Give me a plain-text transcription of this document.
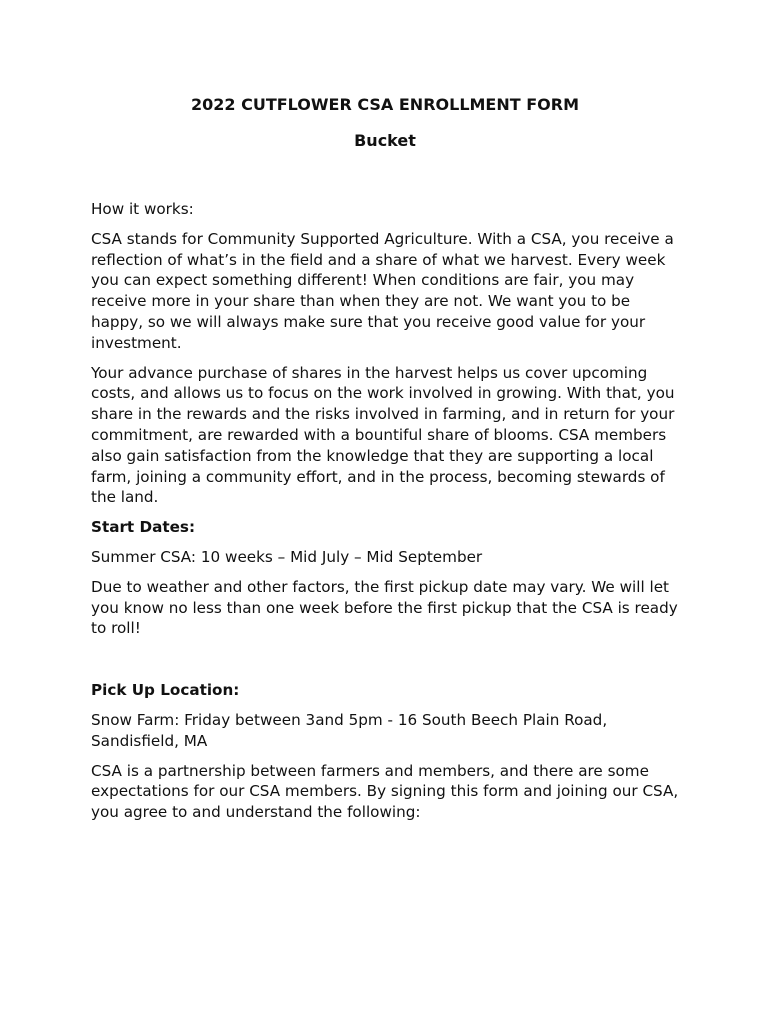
2022 CUTFLOWER CSA ENROLLMENT FORM
Bucket

How it works:

CSA stands for Community Supported Agriculture. With a CSA, you receive a reflection of what’s in the field and a share of what we harvest. Every week you can expect something different! When conditions are fair, you may receive more in your share than when they are not. We want you to be happy, so we will always make sure that you receive good value for your investment.

Your advance purchase of shares in the harvest helps us cover upcoming costs, and allows us to focus on the work involved in growing. With that, you share in the rewards and the risks involved in farming, and in return for your commitment, are rewarded with a bountiful share of blooms. CSA members also gain satisfaction from the knowledge that they are supporting a local farm, joining a community effort, and in the process, becoming stewards of the land.

Start Dates:

Summer CSA: 10 weeks – Mid July – Mid September

Due to weather and other factors, the first pickup date may vary. We will let you know no less than one week before the first pickup that the CSA is ready to roll!

Pick Up Location:

Snow Farm: Friday between 3and 5pm - 16 South Beech Plain Road, Sandisfield, MA

CSA is a partnership between farmers and members, and there are some expectations for our CSA members. By signing this form and joining our CSA, you agree to and understand the following:
